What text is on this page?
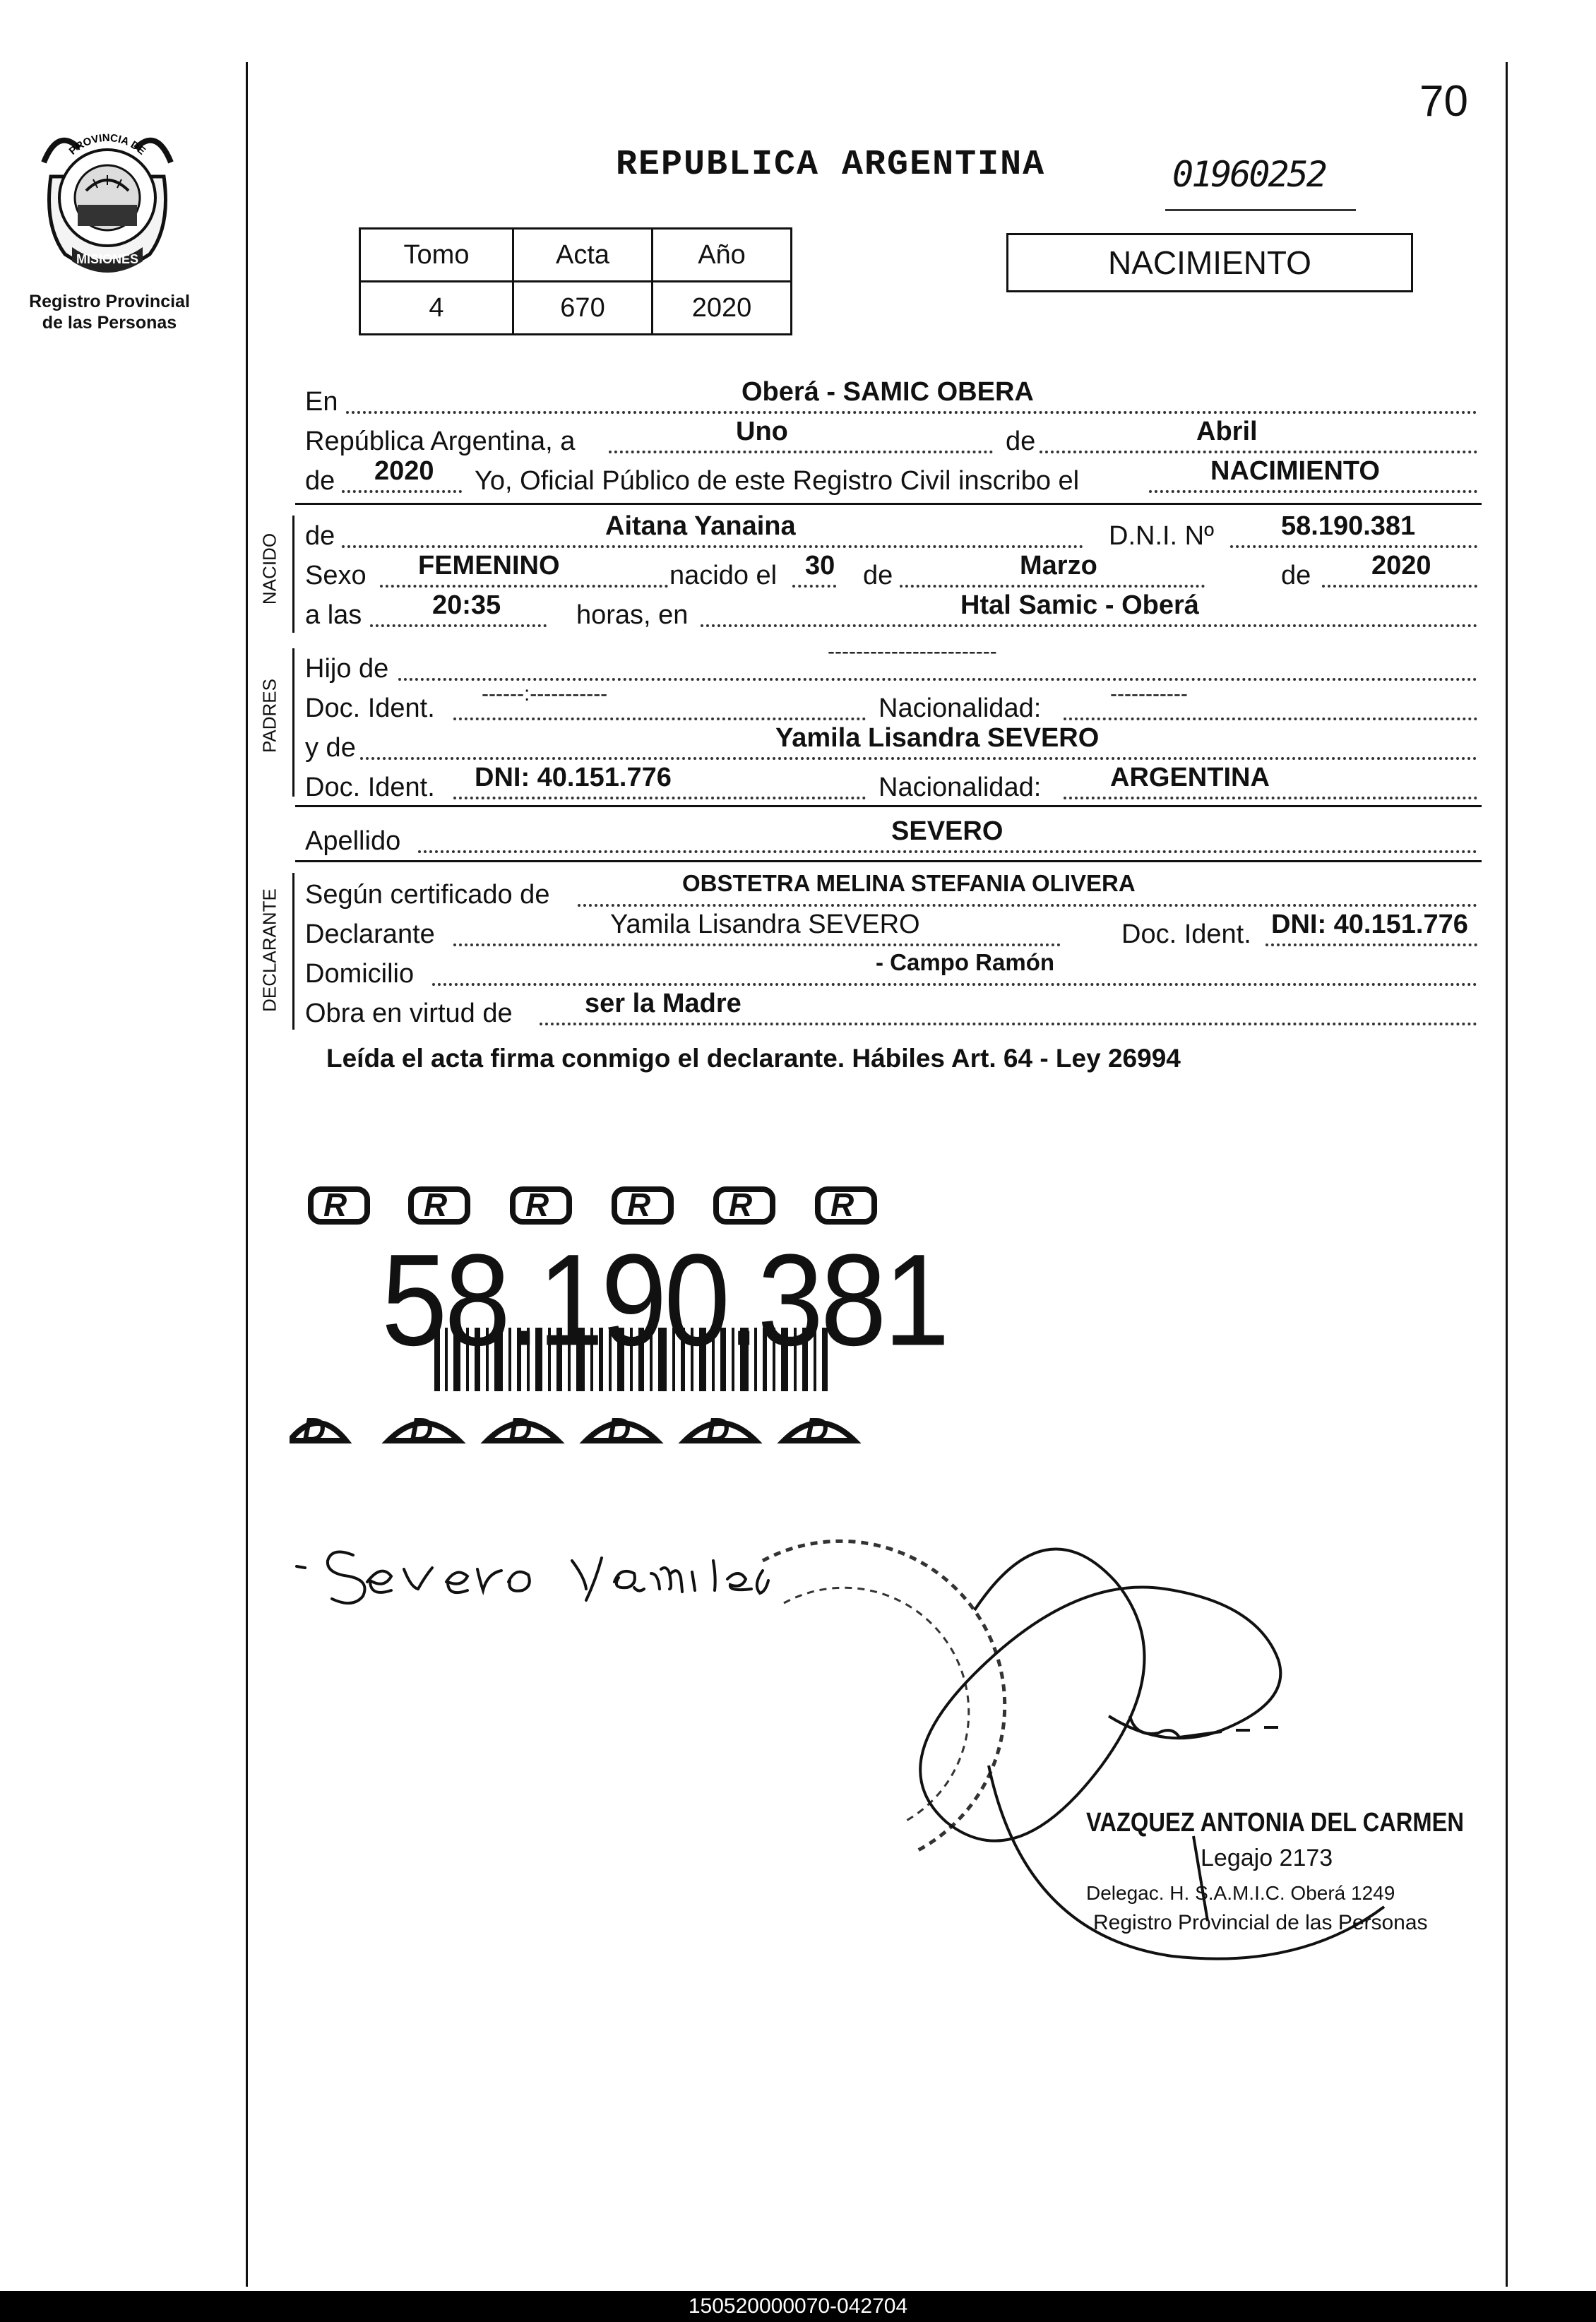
MISIONES
PROVINCIA DE
Registro Provincial
de las Personas
70
REPUBLICA ARGENTINA	01960252
Tomo	Acta	Año
4	670	2020
NACIMIENTO
En	Oberá - SAMIC OBERA
República Argentina, a	Uno	de	Abril
de 2020 Yo, Oficial Público de este Registro Civil inscribo el	NACIMIENTO
NACIDO de	Aitana Yanaina	D.N.I. Nº	58.190.381
Sexo FEMENINO	nacido el 30 de	Marzo	de 2020
a las	20:35	horas, en	Htal Samic - Oberá
PADRES
Hijo de
------------------------
Doc. Ident. ------:-----------	Nacionalidad:	-----------
y de	Yamila Lisandra SEVERO
Doc. Ident. DNI: 40.151.776	Nacionalidad:	ARGENTINA
Apellido	SEVERO
DECLARANTE Según certificado de	OBSTETRA MELINA STEFANIA OLIVERA
Declarante	Yamila Lisandra SEVERO	Doc. Ident. DNI: 40.151.776
Domicilio	- Campo Ramón
Obra en virtud de	ser la Madre
Leída el acta firma conmigo el declarante. Hábiles Art. 64 - Ley 26994
R R R R R R
D	D D D D D
58.190.381
VAZQUEZ ANTONIA DEL CARMEN
Legajo 2173
Delegac. H. S.A.M.I.C. Oberá 1249
Registro Provincial de las Personas
150520000070-042704
